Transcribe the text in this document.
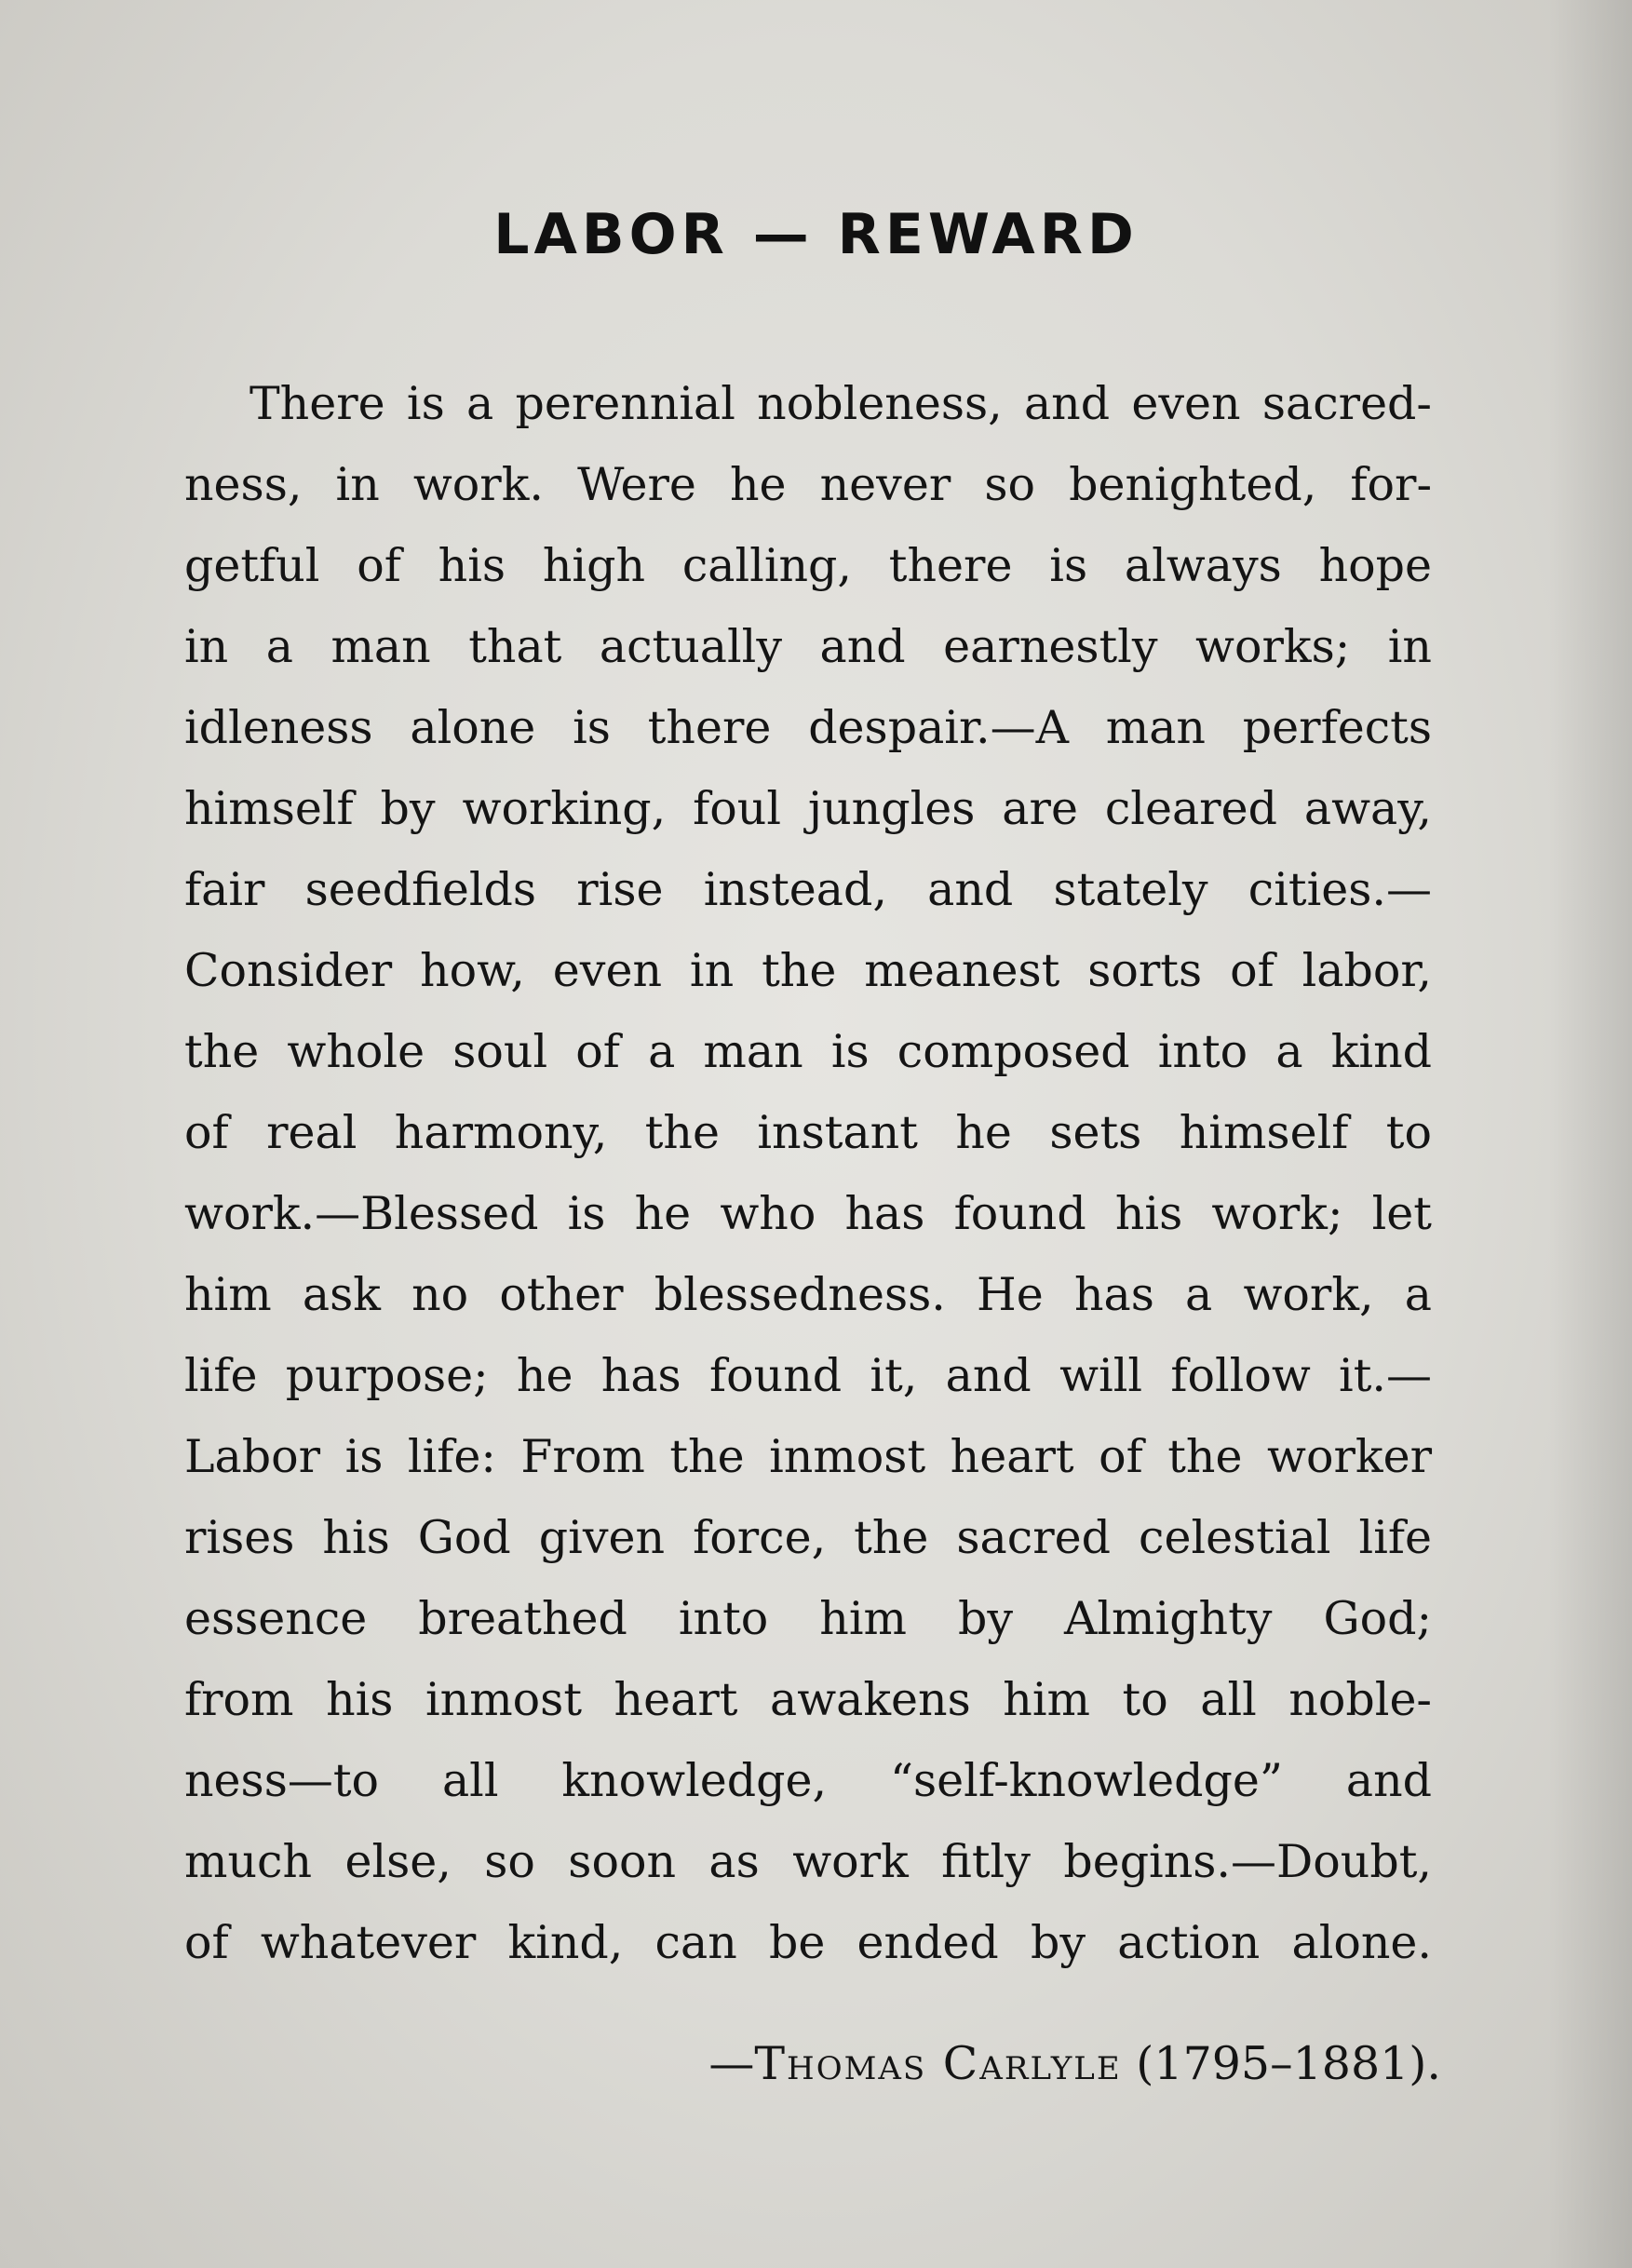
LABOR — REWARD
There is a perennial nobleness, and even sacred-
ness, in work. Were he never so benighted, for-
getful of his high calling, there is always hope
in a man that actually and earnestly works; in
idleness alone is there despair.—A man perfects
himself by working, foul jungles are cleared away,
fair seedfields rise instead, and stately cities.—
Consider how, even in the meanest sorts of labor,
the whole soul of a man is composed into a kind
of real harmony, the instant he sets himself to
work.—Blessed is he who has found his work; let
him ask no other blessedness. He has a work, a
life purpose; he has found it, and will follow it.—
Labor is life: From the inmost heart of the worker
rises his God given force, the sacred celestial life
essence breathed into him by Almighty God;
from his inmost heart awakens him to all noble-
ness—to all knowledge, “self-knowledge” and
much else, so soon as work fitly begins.—Doubt,
of whatever kind, can be ended by action alone.
—Thomas Carlyle (1795–1881).
